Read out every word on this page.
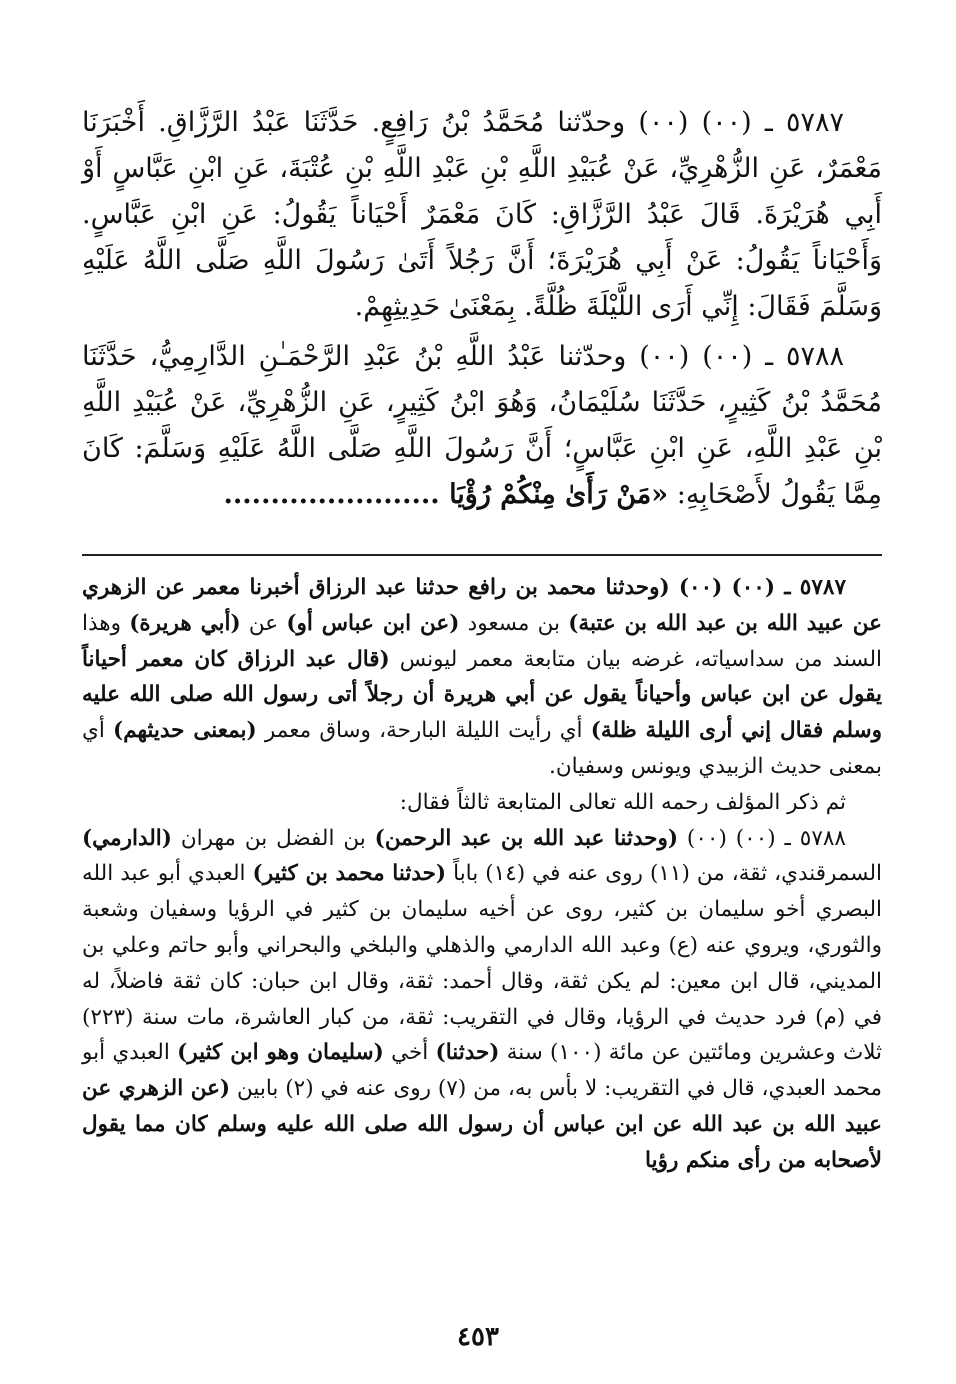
٥٧٨٧ ـ (٠٠) (٠٠) وحدّثنا مُحَمَّدُ بْنُ رَافِعٍ. حَدَّثَنَا عَبْدُ الرَّزَّاقِ. أَخْبَرَنَا مَعْمَرٌ، عَنِ الزُّهْرِيِّ، عَنْ عُبَيْدِ اللَّهِ بْنِ عَبْدِ اللَّهِ بْنِ عُتْبَةَ، عَنِ ابْنِ عَبَّاسٍ أَوْ أَبِي هُرَيْرَةَ. قَالَ عَبْدُ الرَّزَّاقِ: كَانَ مَعْمَرٌ أَحْيَاناً يَقُولُ: عَنِ ابْنِ عَبَّاسٍ. وَأَحْيَاناً يَقُولُ: عَنْ أَبِي هُرَيْرَةَ؛ أَنَّ رَجُلاً أَتَىٰ رَسُولَ اللَّهِ صَلَّى اللَّهُ عَلَيْهِ وَسَلَّمَ فَقَالَ: إِنِّي أَرَى اللَّيْلَةَ ظُلَّةً. بِمَعْنَىٰ حَدِيثِهِمْ.

٥٧٨٨ ـ (٠٠) (٠٠) وحدّثنا عَبْدُ اللَّهِ بْنُ عَبْدِ الرَّحْمَـٰنِ الدَّارِمِيُّ، حَدَّثَنَا مُحَمَّدُ بْنُ كَثِيرٍ، حَدَّثَنَا سُلَيْمَانُ، وَهُوَ ابْنُ كَثِيرٍ، عَنِ الزُّهْرِيِّ، عَنْ عُبَيْدِ اللَّهِ بْنِ عَبْدِ اللَّهِ، عَنِ ابْنِ عَبَّاسٍ؛ أَنَّ رَسُولَ اللَّهِ صَلَّى اللَّهُ عَلَيْهِ وَسَلَّمَ: كَانَ مِمَّا يَقُولُ لأَصْحَابِهِ: «مَنْ رَأَىٰ مِنْكُمْ رُؤْيَا .......................

٥٧٨٧ ـ (٠٠) (٠٠) (وحدثنا محمد بن رافع حدثنا عبد الرزاق أخبرنا معمر عن الزهري عن عبيد الله بن عبد الله بن عتبة) بن مسعود (عن ابن عباس أو) عن (أبي هريرة) وهذا السند من سداسياته، غرضه بيان متابعة معمر ليونس (قال عبد الرزاق كان معمر أحياناً يقول عن ابن عباس وأحياناً يقول عن أبي هريرة أن رجلاً أتى رسول الله صلى الله عليه وسلم فقال إني أرى الليلة ظلة) أي رأيت الليلة البارحة، وساق معمر (بمعنى حديثهم) أي بمعنى حديث الزبيدي ويونس وسفيان.

ثم ذكر المؤلف رحمه الله تعالى المتابعة ثالثاً فقال:

٥٧٨٨ ـ (٠٠) (٠٠) (وحدثنا عبد الله بن عبد الرحمن) بن الفضل بن مهران (الدارمي) السمرقندي، ثقة، من (١١) روى عنه في (١٤) باباً (حدثنا محمد بن كثير) العبدي أبو عبد الله البصري أخو سليمان بن كثير، روى عن أخيه سليمان بن كثير في الرؤيا وسفيان وشعبة والثوري، ويروي عنه (ع) وعبد الله الدارمي والذهلي والبلخي والبحراني وأبو حاتم وعلي بن المديني، قال ابن معين: لم يكن ثقة، وقال أحمد: ثقة، وقال ابن حبان: كان ثقة فاضلاً، له في (م) فرد حديث في الرؤيا، وقال في التقريب: ثقة، من كبار العاشرة، مات سنة (٢٢٣) ثلاث وعشرين ومائتين عن مائة (١٠٠) سنة (حدثنا) أخي (سليمان وهو ابن كثير) العبدي أبو محمد العبدي، قال في التقريب: لا بأس به، من (٧) روى عنه في (٢) بابين (عن الزهري عن عبيد الله بن عبد الله عن ابن عباس أن رسول الله صلى الله عليه وسلم كان مما يقول لأصحابه من رأى منكم رؤيا

٤٥٣
